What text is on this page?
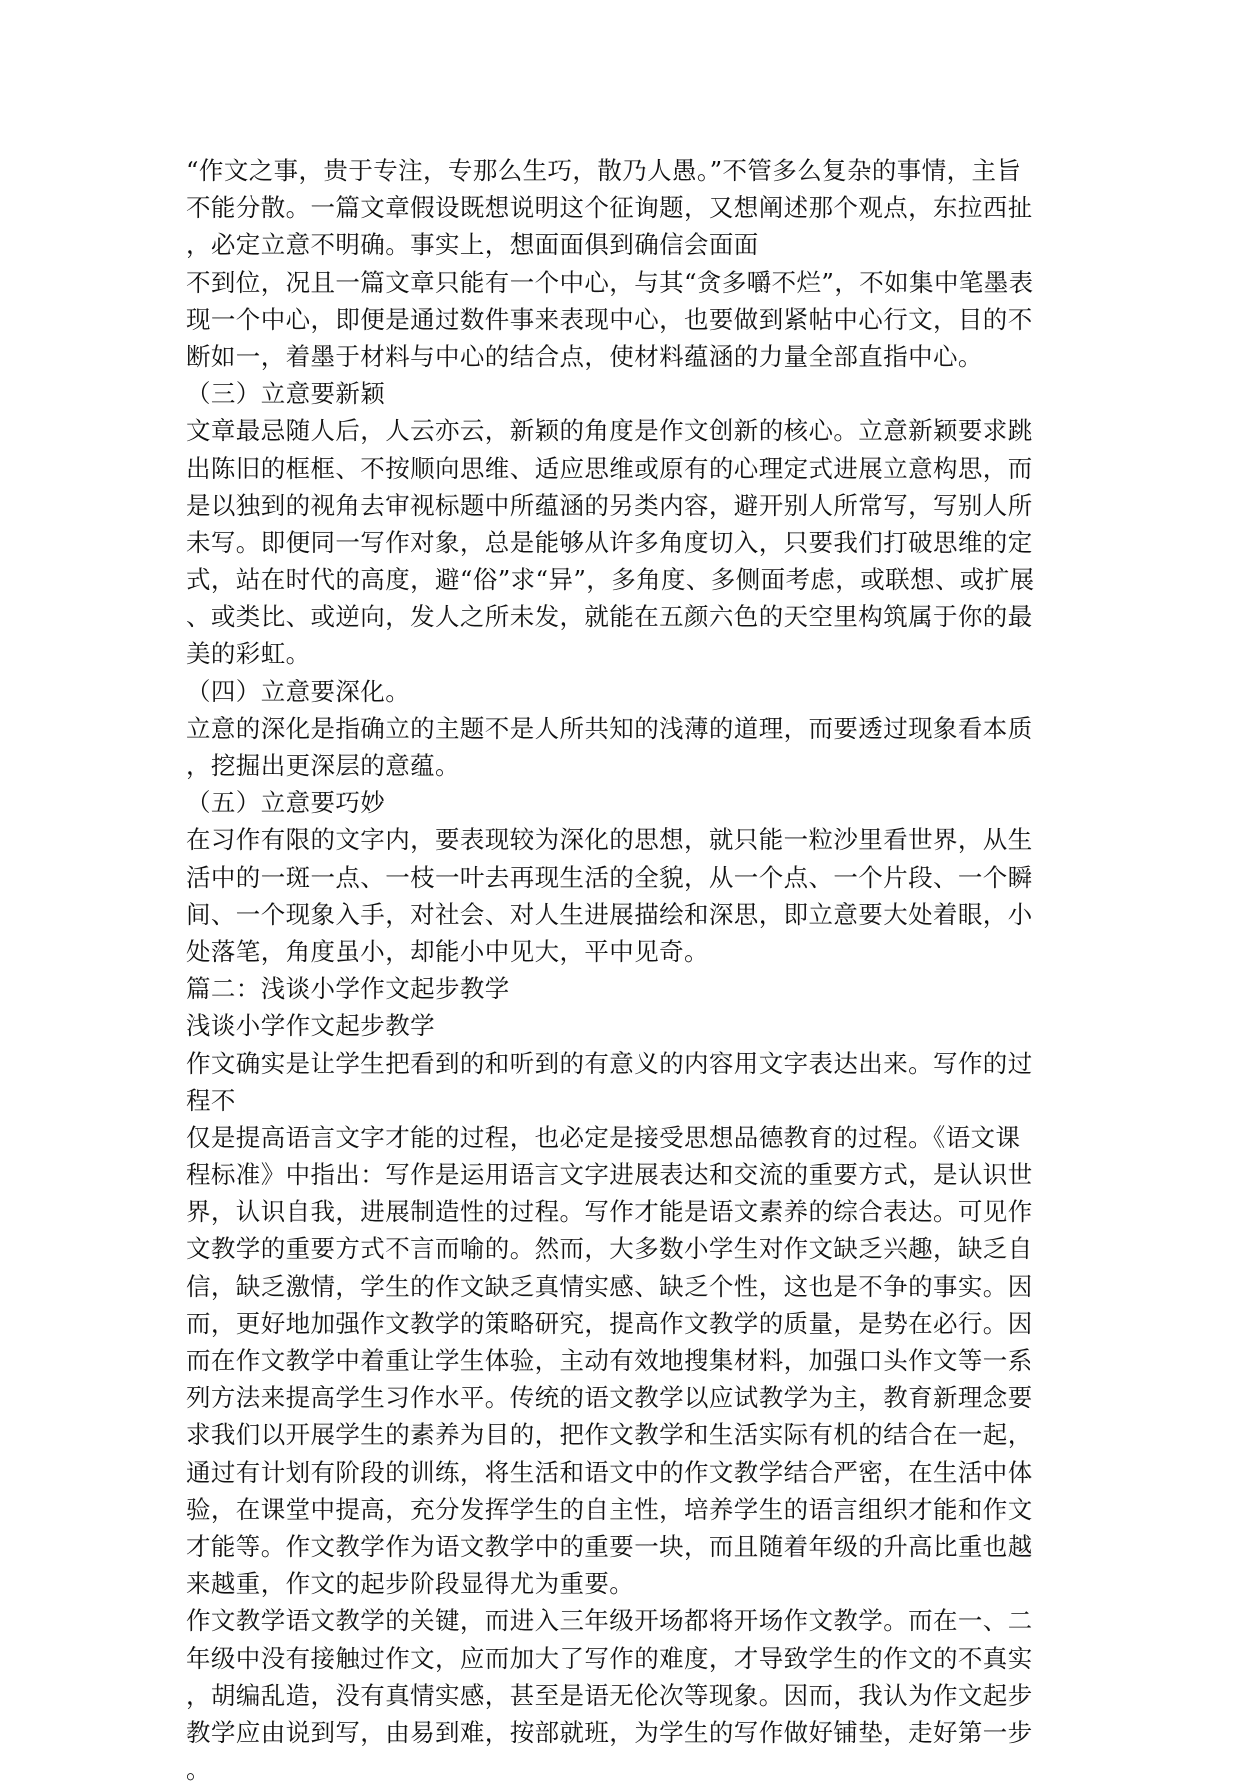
“作文之事，贵于专注，专那么生巧，散乃人愚。”不管多么复杂的事情，主旨
不能分散。一篇文章假设既想说明这个征询题，又想阐述那个观点，东拉西扯
，必定立意不明确。事实上，想面面俱到确信会面面
不到位，况且一篇文章只能有一个中心，与其“贪多嚼不烂”，不如集中笔墨表
现一个中心，即便是通过数件事来表现中心，也要做到紧帖中心行文，目的不
断如一，着墨于材料与中心的结合点，使材料蕴涵的力量全部直指中心。
（三）立意要新颖
文章最忌随人后，人云亦云，新颖的角度是作文创新的核心。立意新颖要求跳
出陈旧的框框、不按顺向思维、适应思维或原有的心理定式进展立意构思，而
是以独到的视角去审视标题中所蕴涵的另类内容，避开别人所常写，写别人所
未写。即便同一写作对象，总是能够从许多角度切入，只要我们打破思维的定
式，站在时代的高度，避“俗”求“异”，多角度、多侧面考虑，或联想、或扩展
、或类比、或逆向，发人之所未发，就能在五颜六色的天空里构筑属于你的最
美的彩虹。
（四）立意要深化。
立意的深化是指确立的主题不是人所共知的浅薄的道理，而要透过现象看本质
，挖掘出更深层的意蕴。
（五）立意要巧妙
在习作有限的文字内，要表现较为深化的思想，就只能一粒沙里看世界，从生
活中的一斑一点、一枝一叶去再现生活的全貌，从一个点、一个片段、一个瞬
间、一个现象入手，对社会、对人生进展描绘和深思，即立意要大处着眼，小
处落笔，角度虽小，却能小中见大，平中见奇。
篇二：浅谈小学作文起步教学
浅谈小学作文起步教学
作文确实是让学生把看到的和听到的有意义的内容用文字表达出来。写作的过
程不
仅是提高语言文字才能的过程，也必定是接受思想品德教育的过程。《语文课
程标准》中指出：写作是运用语言文字进展表达和交流的重要方式，是认识世
界，认识自我，进展制造性的过程。写作才能是语文素养的综合表达。可见作
文教学的重要方式不言而喻的。然而，大多数小学生对作文缺乏兴趣，缺乏自
信，缺乏激情，学生的作文缺乏真情实感、缺乏个性，这也是不争的事实。因
而，更好地加强作文教学的策略研究，提高作文教学的质量，是势在必行。因
而在作文教学中着重让学生体验，主动有效地搜集材料，加强口头作文等一系
列方法来提高学生习作水平。传统的语文教学以应试教学为主，教育新理念要
求我们以开展学生的素养为目的，把作文教学和生活实际有机的结合在一起，
通过有计划有阶段的训练，将生活和语文中的作文教学结合严密，在生活中体
验，在课堂中提高，充分发挥学生的自主性，培养学生的语言组织才能和作文
才能等。作文教学作为语文教学中的重要一块，而且随着年级的升高比重也越
来越重，作文的起步阶段显得尤为重要。
作文教学语文教学的关键，而进入三年级开场都将开场作文教学。而在一、二
年级中没有接触过作文，应而加大了写作的难度，才导致学生的作文的不真实
，胡编乱造，没有真情实感，甚至是语无伦次等现象。因而，我认为作文起步
教学应由说到写，由易到难，按部就班，为学生的写作做好铺垫，走好第一步
。
